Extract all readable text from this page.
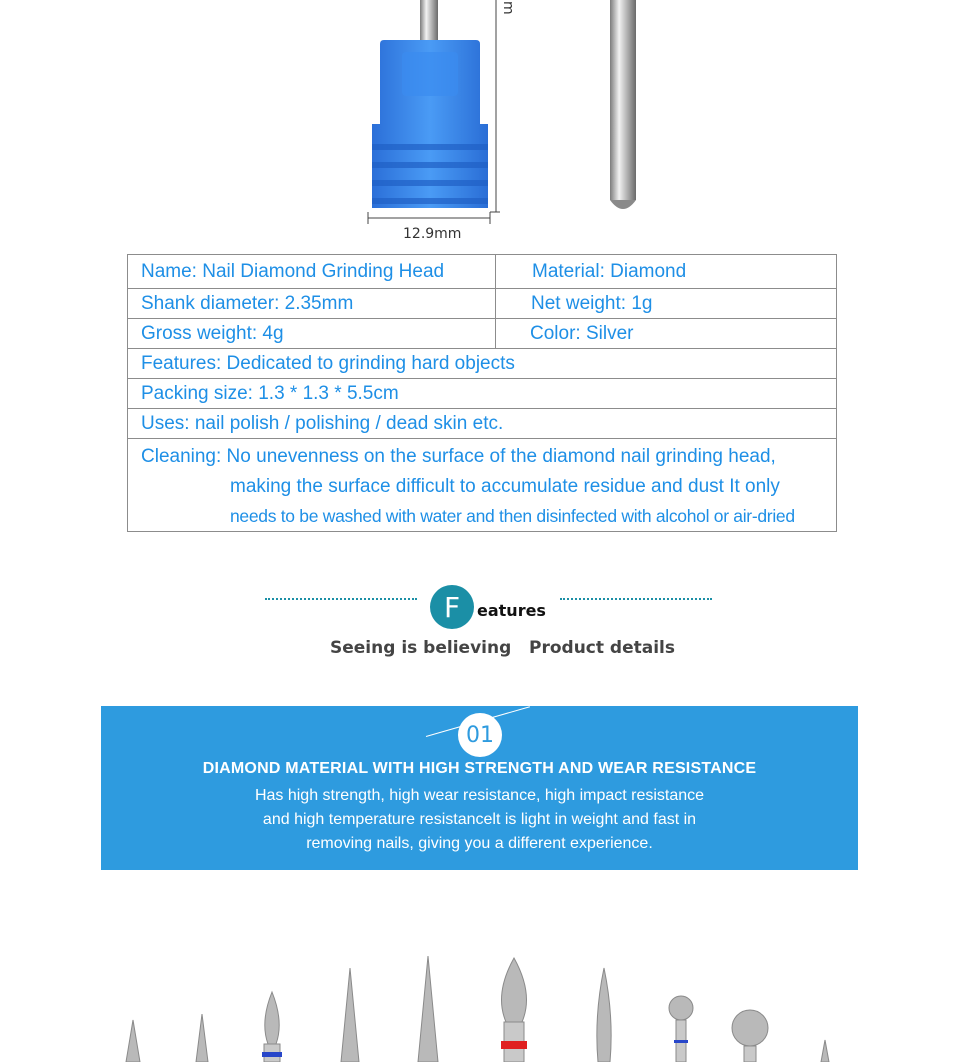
m
12.9mm
Name: Nail Diamond Grinding Head	Material: Diamond
Shank diameter: 2.35mm	Net weight: 1g
Gross weight: 4g	Color: Silver
Features: Dedicated to grinding hard objects
Packing size: 1.3 * 1.3 * 5.5cm
Uses: nail polish / polishing / dead skin etc.
Cleaning: No unevenness on the surface of the diamond nail grinding head,
making the surface difficult to accumulate residue and dust It only
needs to be washed with water and then disinfected with alcohol or air-dried
F	eatures
Seeing is believing   Product details
01
DIAMOND MATERIAL WITH HIGH STRENGTH AND WEAR RESISTANCE
Has high strength, high wear resistance, high impact resistance
and high temperature resistancelt is light in weight and fast in
removing nails, giving you a different experience.
